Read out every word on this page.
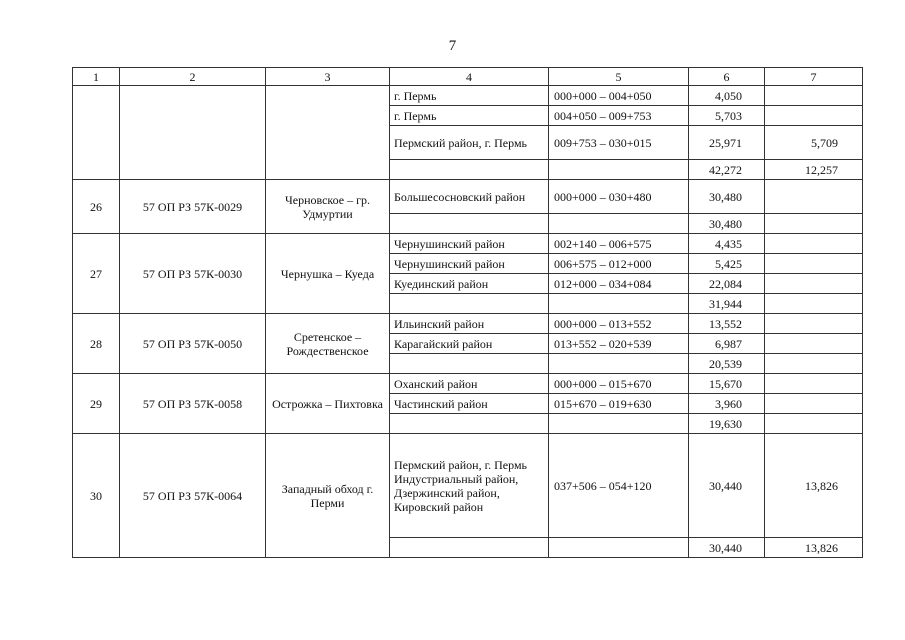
7
1	2	3	4	5	6	7
			г. Пермь	000+000 – 004+050	4,050	
			г. Пермь	004+050 – 009+753	5,703	
			Пермский район, г. Пермь	009+753 – 030+015	25,971	5,709
					42,272	12,257
26	57 ОП РЗ 57К-0029	Черновское – гр. Удмуртии	Большесосновский район	000+000 – 030+480	30,480	
					30,480	
27	57 ОП РЗ 57К-0030	Чернушка – Куеда	Чернушинский район	002+140 – 006+575	4,435	
			Чернушинский район	006+575 – 012+000	5,425	
			Куединский район	012+000 – 034+084	22,084	
					31,944	
28	57 ОП РЗ 57К-0050	Сретенское – Рождественское	Ильинский район	000+000 – 013+552	13,552	
			Карагайский район	013+552 – 020+539	6,987	
					20,539	
29	57 ОП РЗ 57К-0058	Острожка – Пихтовка	Оханский район	000+000 – 015+670	15,670	
			Частинский район	015+670 – 019+630	3,960	
					19,630	
30	57 ОП РЗ 57К-0064	Западный обход г. Перми	Пермский район, г. Пермь Индустриальный район, Дзержинский район, Кировский район	037+506 – 054+120	30,440	13,826
					30,440	13,826
